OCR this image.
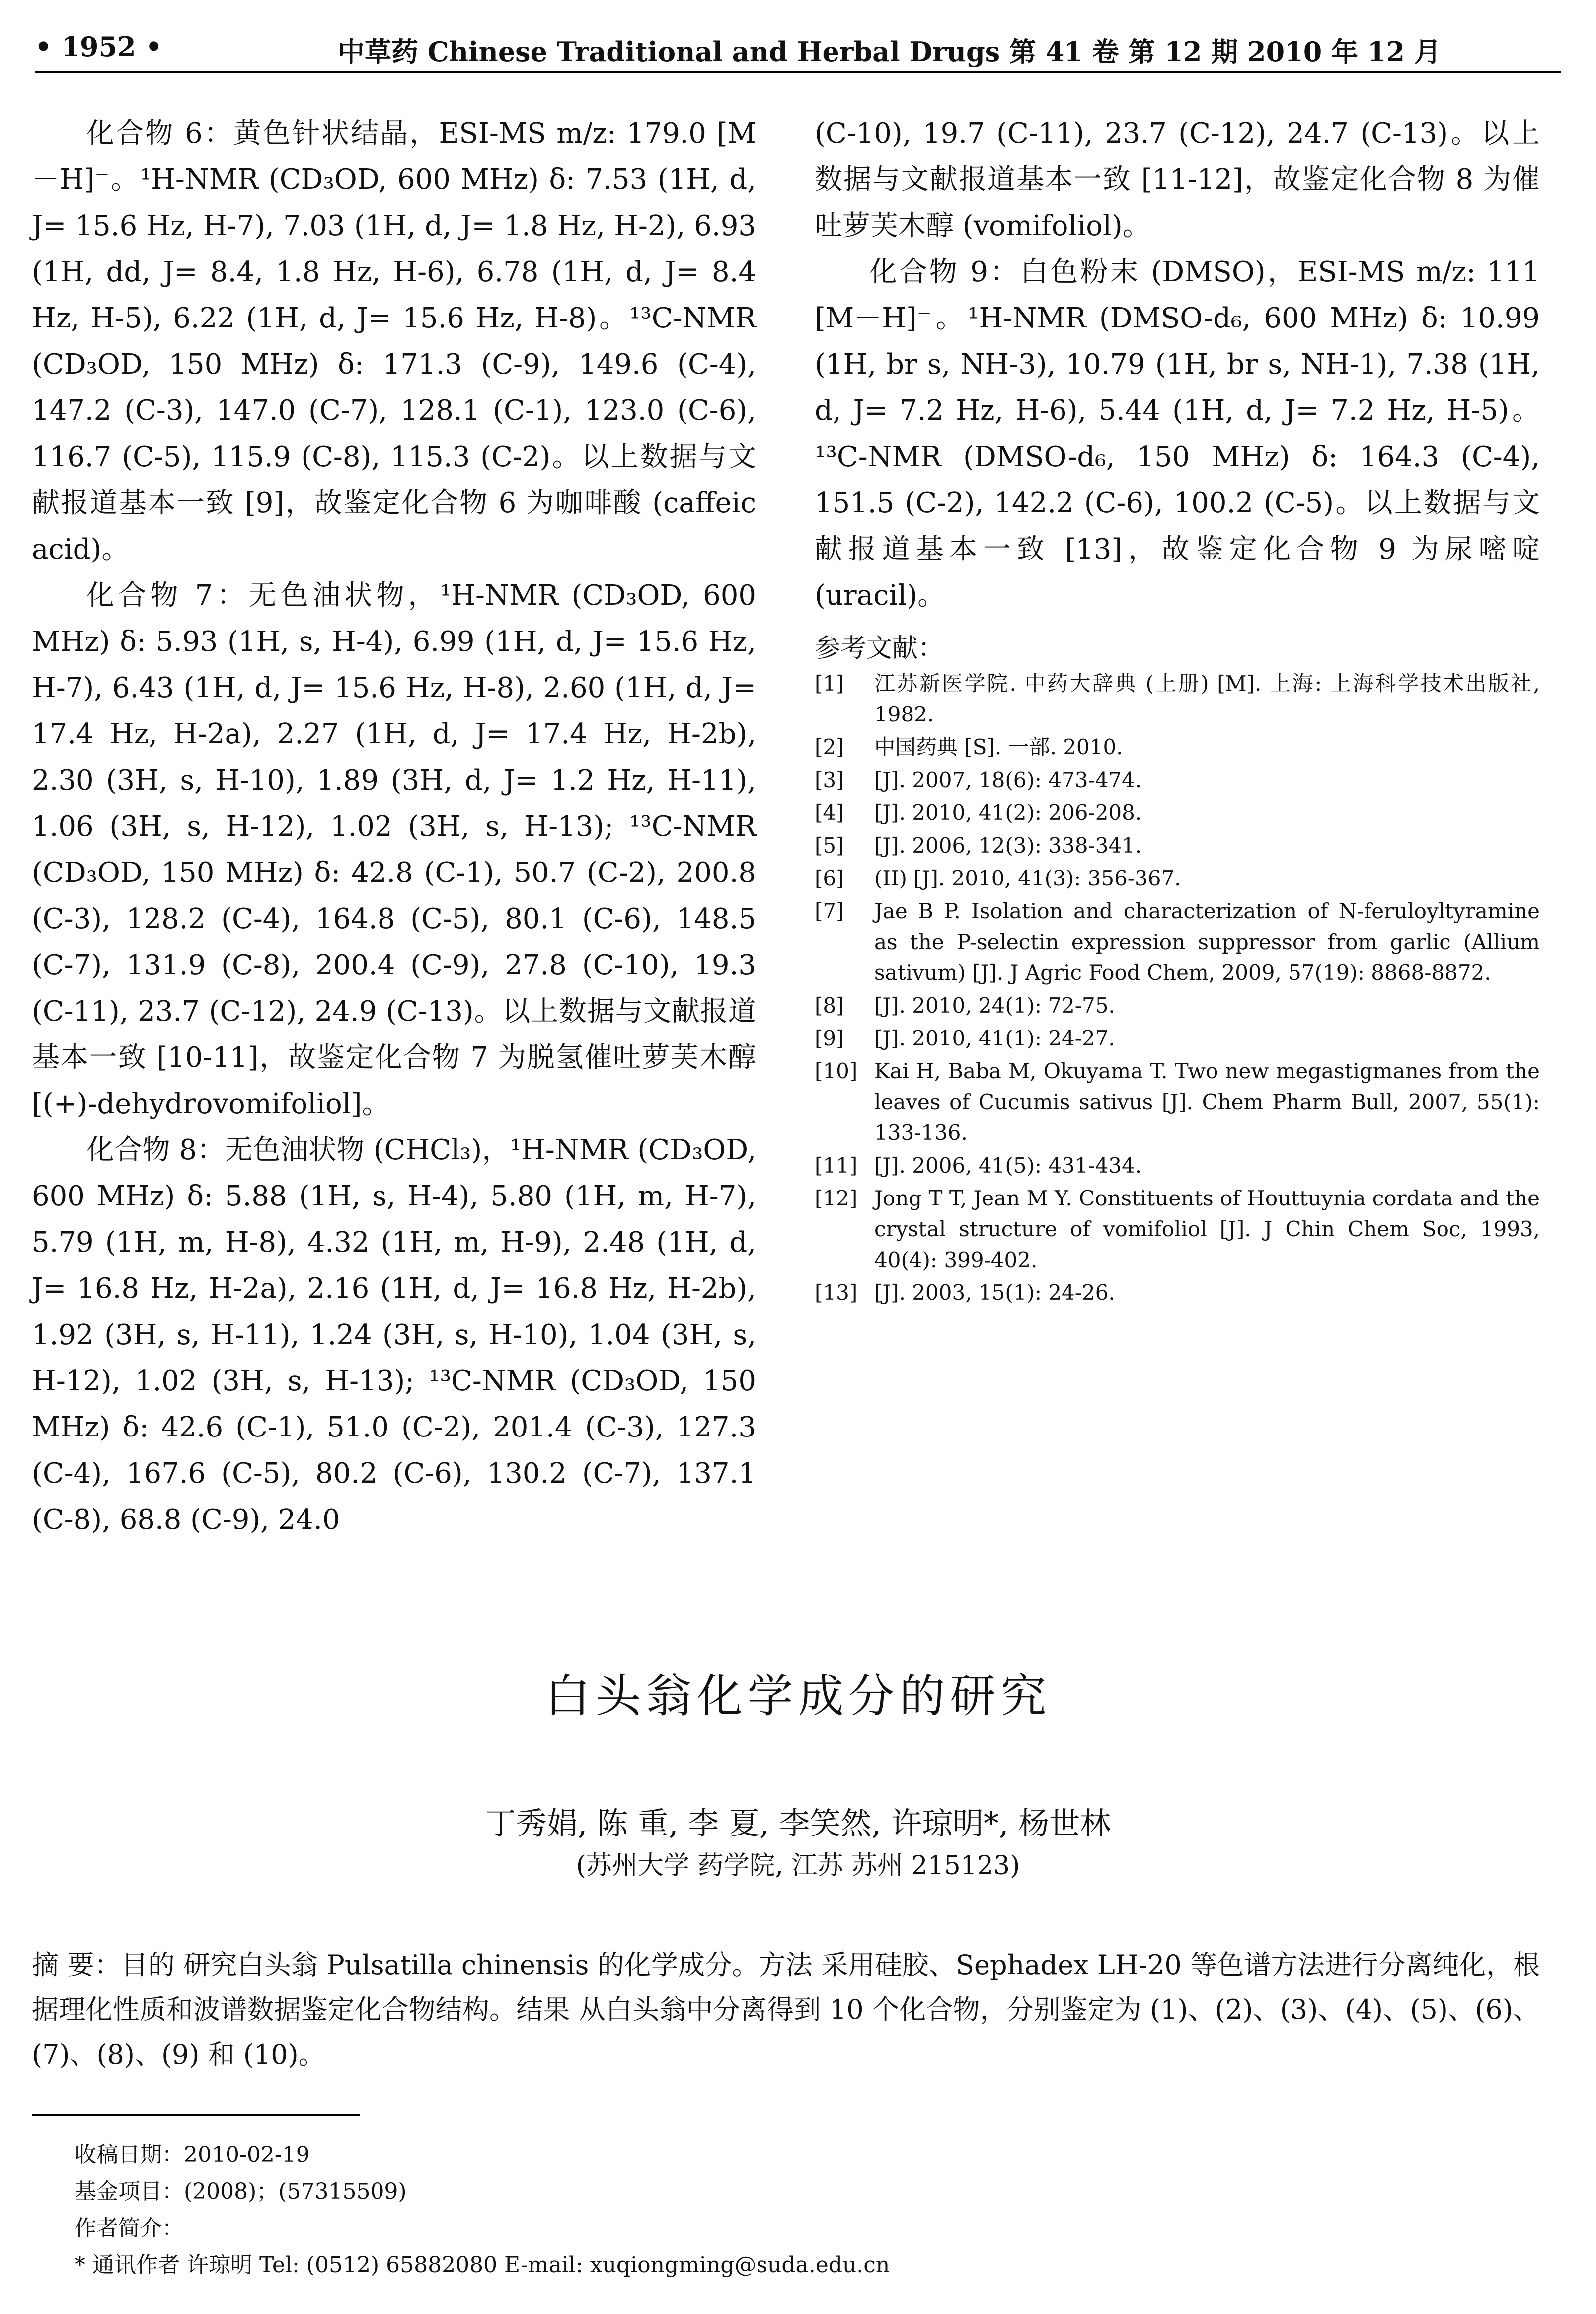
• 1952 •	中草药 Chinese Traditional and Herbal Drugs 第 41 卷 第 12 期 2010 年 12 月

化合物 6：黄色针状结晶，ESI-MS m/z: 179.0 [M－H]⁻。¹H-NMR (CD₃OD, 600 MHz) δ: 7.53 (1H, d, J= 15.6 Hz, H-7), 7.03 (1H, d, J= 1.8 Hz, H-2), 6.93 (1H, dd, J= 8.4, 1.8 Hz, H-6), 6.78 (1H, d, J= 8.4 Hz, H-5), 6.22 (1H, d, J= 15.6 Hz, H-8)。¹³C-NMR (CD₃OD, 150 MHz) δ: 171.3 (C-9), 149.6 (C-4), 147.2 (C-3), 147.0 (C-7), 128.1 (C-1), 123.0 (C-6), 116.7 (C-5), 115.9 (C-8), 115.3 (C-2)。以上数据与文献报道基本一致 [9]，故鉴定化合物 6 为咖啡酸 (caffeic acid)。

化合物 7：无色油状物，¹H-NMR (CD₃OD, 600 MHz) δ: 5.93 (1H, s, H-4), 6.99 (1H, d, J= 15.6 Hz, H-7), 6.43 (1H, d, J= 15.6 Hz, H-8), 2.60 (1H, d, J= 17.4 Hz, H-2a), 2.27 (1H, d, J= 17.4 Hz, H-2b), 2.30 (3H, s, H-10), 1.89 (3H, d, J= 1.2 Hz, H-11), 1.06 (3H, s, H-12), 1.02 (3H, s, H-13); ¹³C-NMR (CD₃OD, 150 MHz) δ: 42.8 (C-1), 50.7 (C-2), 200.8 (C-3), 128.2 (C-4), 164.8 (C-5), 80.1 (C-6), 148.5 (C-7), 131.9 (C-8), 200.4 (C-9), 27.8 (C-10), 19.3 (C-11), 23.7 (C-12), 24.9 (C-13)。以上数据与文献报道基本一致 [10-11]，故鉴定化合物 7 为脱氢催吐萝芙木醇 [(+)-dehydrovomifoliol]。

化合物 8：无色油状物 (CHCl₃)，¹H-NMR (CD₃OD, 600 MHz) δ: 5.88 (1H, s, H-4), 5.80 (1H, m, H-7), 5.79 (1H, m, H-8), 4.32 (1H, m, H-9), 2.48 (1H, d, J= 16.8 Hz, H-2a), 2.16 (1H, d, J= 16.8 Hz, H-2b), 1.92 (3H, s, H-11), 1.24 (3H, s, H-10), 1.04 (3H, s, H-12), 1.02 (3H, s, H-13); ¹³C-NMR (CD₃OD, 150 MHz) δ: 42.6 (C-1), 51.0 (C-2), 201.4 (C-3), 127.3 (C-4), 167.6 (C-5), 80.2 (C-6), 130.2 (C-7), 137.1 (C-8), 68.8 (C-9), 24.0

(C-10), 19.7 (C-11), 23.7 (C-12), 24.7 (C-13)。以上数据与文献报道基本一致 [11-12]，故鉴定化合物 8 为催吐萝芙木醇 (vomifoliol)。

化合物 9：白色粉末 (DMSO)，ESI-MS m/z: 111 [M－H]⁻。¹H-NMR (DMSO-d₆, 600 MHz) δ: 10.99 (1H, br s, NH-3), 10.79 (1H, br s, NH-1), 7.38 (1H, d, J= 7.2 Hz, H-6), 5.44 (1H, d, J= 7.2 Hz, H-5)。¹³C-NMR (DMSO-d₆, 150 MHz) δ: 164.3 (C-4), 151.5 (C-2), 142.2 (C-6), 100.2 (C-5)。以上数据与文献报道基本一致 [13]，故鉴定化合物 9 为尿嘧啶 (uracil)。

参考文献：

[1]	江苏新医学院. 中药大辞典 (上册) [M]. 上海: 上海科学技术出版社, 1982.
[2]	中国药典 [S]. 一部. 2010.
[3]	[J]. 2007, 18(6): 473-474.
[4]	[J]. 2010, 41(2): 206-208.
[5]	[J]. 2006, 12(3): 338-341.
[6]	(II) [J]. 2010, 41(3): 356-367.
[7]	Jae B P. Isolation and characterization of N-feruloyltyramine as the P-selectin expression suppressor from garlic (Allium sativum) [J]. J Agric Food Chem, 2009, 57(19): 8868-8872.
[8]	[J]. 2010, 24(1): 72-75.
[9]	[J]. 2010, 41(1): 24-27.
[10] Kai H, Baba M, Okuyama T. Two new megastigmanes from the leaves of Cucumis sativus [J]. Chem Pharm Bull, 2007, 55(1): 133-136.
[11] [J]. 2006, 41(5): 431-434.
[12] Jong T T, Jean M Y. Constituents of Houttuynia cordata and the crystal structure of vomifoliol [J]. J Chin Chem Soc, 1993, 40(4): 399-402.
[13] [J]. 2003, 15(1): 24-26.
白头翁化学成分的研究
丁秀娟, 陈 重, 李 夏, 李笑然, 许琼明*, 杨世林
(苏州大学 药学院, 江苏 苏州 215123)

摘 要：目的 研究白头翁 Pulsatilla chinensis 的化学成分。方法 采用硅胶、Sephadex LH-20 等色谱方法进行分离纯化，根据理化性质和波谱数据鉴定化合物结构。结果 从白头翁中分离得到 10 个化合物，分别鉴定为 (1)、(2)、(3)、(4)、(5)、(6)、(7)、(8)、(9) 和 (10)。

收稿日期：2010-02-19

基金项目：(2008)；(57315509)

作者简介：

* 通讯作者 许琼明 Tel: (0512) 65882080 E-mail: xuqiongming@suda.edu.cn
